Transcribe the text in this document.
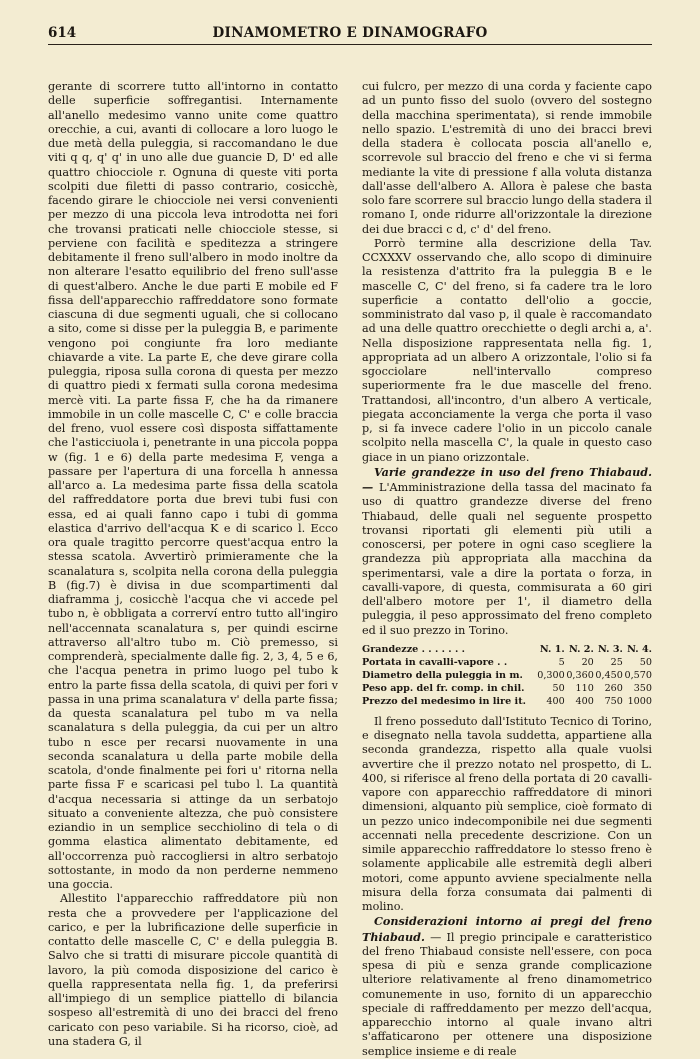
614	DINAMOMETRO E DINAMOGRAFO

gerante di scorrere tutto all'intorno in contatto delle superficie soffregantisi. Internamente all'anello medesimo vanno unite come quattro orecchie, a cui, avanti di collocare a loro luogo le due metà della puleggia, si raccomandano le due viti q q, q' q' in uno alle due guancie D, D' ed alle quattro chiocciole r. Ognuna di queste viti porta scolpiti due filetti di passo contrario, cosicchè, facendo girare le chiocciole nei versi convenienti per mezzo di una piccola leva introdotta nei fori che trovansi praticati nelle chiocciole stesse, si perviene con facilità e speditezza a stringere debitamente il freno sull'albero in modo inoltre da non alterare l'esatto equilibrio del freno sull'asse di quest'albero. Anche le due parti E mobile ed F fissa dell'apparecchio raffreddatore sono formate ciascuna di due segmenti uguali, che si collocano a sito, come si disse per la puleggia B, e parimente vengono poi congiunte fra loro mediante chiavarde a vite. La parte E, che deve girare colla puleggia, riposa sulla corona di questa per mezzo di quattro piedi x fermati sulla corona medesima mercè viti. La parte fissa F, che ha da rimanere immobile in un colle mascelle C, C' e colle braccia del freno, vuol essere così disposta siffattamente che l'asticciuola i, penetrante in una piccola poppa w (fig. 1 e 6) della parte medesima F, venga a passare per l'apertura di una forcella h annessa all'arco a. La medesima parte fissa della scatola del raffreddatore porta due brevi tubi fusi con essa, ed ai quali fanno capo i tubi di gomma elastica d'arrivo dell'acqua K e di scarico l. Ecco ora quale tragitto percorre quest'acqua entro la stessa scatola. Avvertirò primieramente che la scanalatura s, scolpita nella corona della puleggia B (fig.7) è divisa in due scompartimenti dal diaframma j, cosicchè l'acqua che vi accede pel tubo n, è obbligata a correrví entro tutto all'ingiro nell'accennata scanalatura s, per quindi escirne attraverso all'altro tubo m. Ciò premesso, si comprenderà, specialmente dalle fig. 2, 3, 4, 5 e 6, che l'acqua penetra in primo luogo pel tubo k entro la parte fissa della scatola, di quivi per fori v passa in una prima scanalatura v' della parte fissa; da questa scanalatura pel tubo m va nella scanalatura s della puleggia, da cui per un altro tubo n esce per recarsi nuovamente in una seconda scanalatura u della parte mobile della scatola, d'onde finalmente pei fori u' ritorna nella parte fissa F e scaricasi pel tubo l. La quantità d'acqua necessaria si attinge da un serbatojo situato a conveniente altezza, che può consistere eziandio in un semplice secchiolino di tela o di gomma elastica alimentato debitamente, ed all'occorrenza può raccogliersi in altro serbatojo sottostante, in modo da non perderne nemmeno una goccia.

Allestito l'apparecchio raffreddatore più non resta che a provvedere per l'applicazione del carico, e per la lubrificazione delle superficie in contatto delle mascelle C, C' e della puleggia B. Salvo che si tratti di misurare piccole quantità di lavoro, la più comoda disposizione del carico è quella rappresentata nella fig. 1, da preferirsi all'impiego di un semplice piattello di bilancia sospeso all'estremità di uno dei bracci del freno caricato con peso variabile. Si ha ricorso, cioè, ad una stadera G, il

cui fulcro, per mezzo di una corda y faciente capo ad un punto fisso del suolo (ovvero del sostegno della macchina sperimentata), si rende immobile nello spazio. L'estremità di uno dei bracci brevi della stadera è collocata poscia all'anello e, scorrevole sul braccio del freno e che vi si ferma mediante la vite di pressione f alla voluta distanza dall'asse dell'albero A. Allora è palese che basta solo fare scorrere sul braccio lungo della stadera il romano I, onde ridurre all'orizzontale la direzione dei due bracci c d, c' d' del freno.

Porrò termine alla descrizione della Tav. CCXXXV osservando che, allo scopo di diminuire la resistenza d'attrito fra la puleggia B e le mascelle C, C' del freno, si fa cadere tra le loro superficie a contatto dell'olio a goccie, somministrato dal vaso p, il quale è raccomandato ad una delle quattro orecchiette o degli archi a, a'. Nella disposizione rappresentata nella fig. 1, appropriata ad un albero A orizzontale, l'olio si fa sgocciolare nell'intervallo compreso superiormente fra le due mascelle del freno. Trattandosi, all'incontro, d'un albero A verticale, piegata acconciamente la verga che porta il vaso p, si fa invece cadere l'olio in un piccolo canale scolpito nella mascella C', la quale in questo caso giace in un piano orizzontale.

Varie grandezze in uso del freno Thiabaud. — L'Amministrazione della tassa del macinato fa uso di quattro grandezze diverse del freno Thiabaud, delle quali nel seguente prospetto trovansi riportati gli elementi più utili a conoscersi, per potere in ogni caso scegliere la grandezza più appropriata alla macchina da sperimentarsi, vale a dire la portata o forza, in cavalli-vapore, di questa, commisurata a 60 giri dell'albero motore per 1', il diametro della puleggia, il peso approssimato del freno completo ed il suo prezzo in Torino.

Grandezze . . . . . . .	N. 1.	N. 2.	N. 3.	N. 4.
Portata in cavalli-vapore . .	5	20	25	50
Diametro della puleggia in m.	0,300	0,360	0,450	0,570
Peso app. del fr. comp. in chil.	50	110	260	350
Prezzo del medesimo in lire it.	400	400	750	1000

Il freno posseduto dall'Istituto Tecnico di Torino, e disegnato nella tavola suddetta, appartiene alla seconda grandezza, rispetto alla quale vuolsi avvertire che il prezzo notato nel prospetto, di L. 400, si riferisce al freno della portata di 20 cavalli-vapore con apparecchio raffreddatore di minori dimensioni, alquanto più semplice, cioè formato di un pezzo unico indecomponibile nei due segmenti accennati nella precedente descrizione. Con un simile apparecchio raffreddatore lo stesso freno è solamente applicabile alle estremità degli alberi motori, come appunto avviene specialmente nella misura della forza consumata dai palmenti di molino.

Considerazioni intorno ai pregi del freno Thiabaud. — Il pregio principale e caratteristico del freno Thiabaud consiste nell'essere, con poca spesa di più e senza grande complicazione ulteriore relativamente al freno dinamometrico comunemente in uso, fornito di un apparecchio speciale di raffreddamento per mezzo dell'acqua, apparecchio intorno al quale invano altri s'affaticarono per ottenere una disposizione semplice insieme e di reale
